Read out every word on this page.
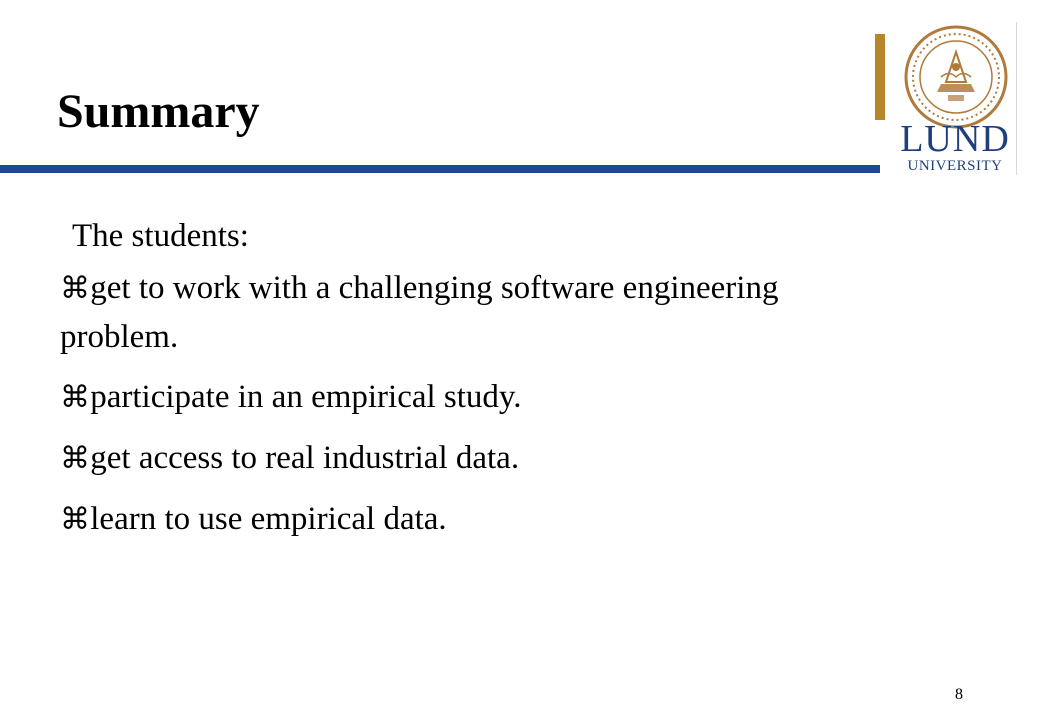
Summary
LUND
UNIVERSITY
The students:
⌘ get to work with a challenging software engineering problem.
⌘ participate in an empirical study.
⌘ get access to real industrial data.
⌘ learn to use empirical data.
8
